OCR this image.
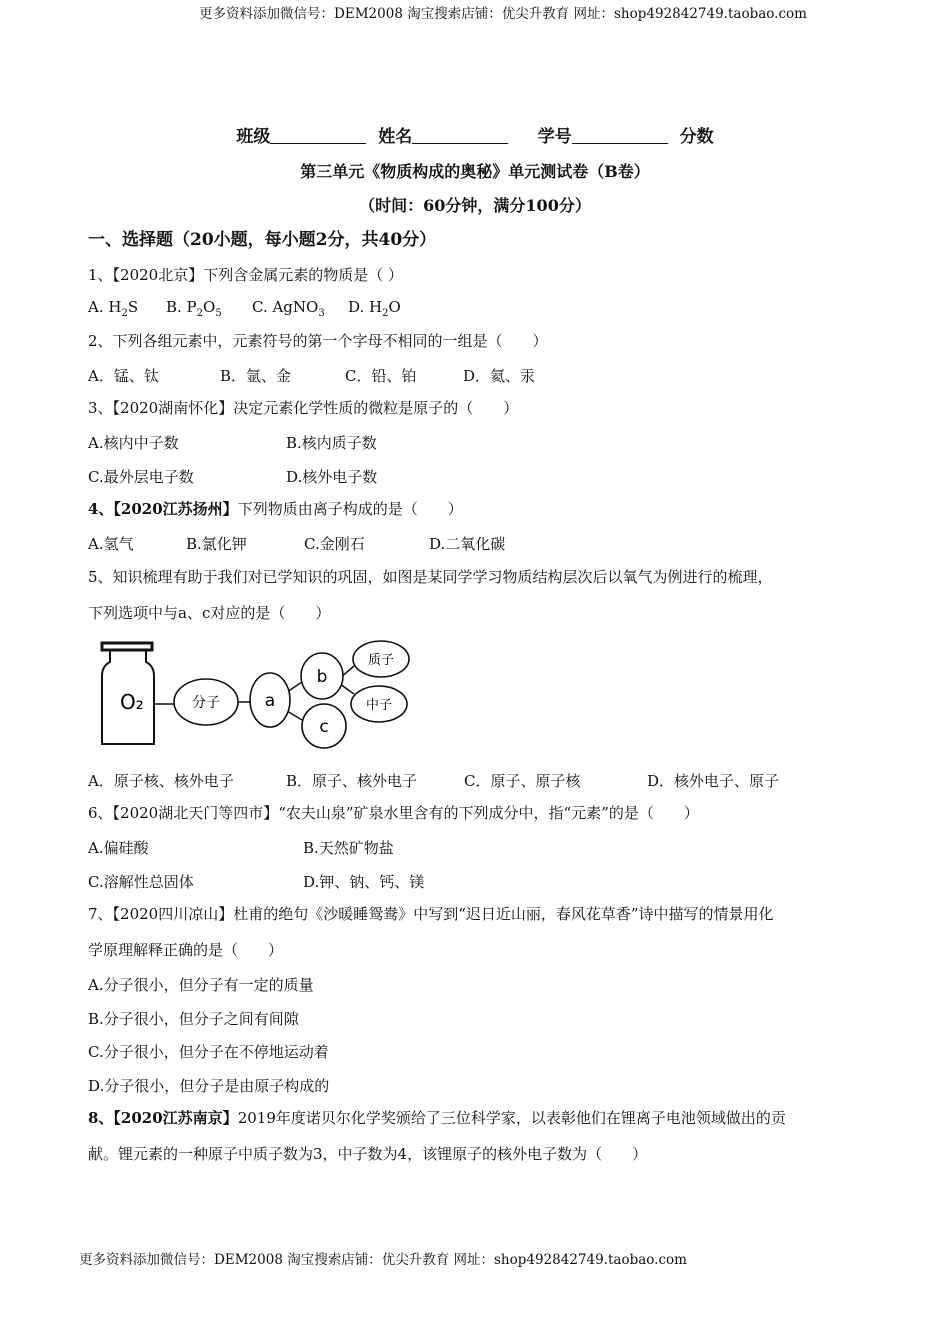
更多资料添加微信号：DEM2008 淘宝搜索店铺：优尖升教育 网址：shop492842749.taobao.com
班级	姓名	学号	分数
第三单元《物质构成的奥秘》单元测试卷（B卷）
（时间：60分钟，满分100分）
一、选择题（20小题，每小题2分，共40分）
1、【2020北京】下列含金属元素的物质是（ ）
A. $H_2S$ B. $P_2O_5$ C. AgNO$_3$ D. $H_2O$
2、下列各组元素中，元素符号的第一个字母不相同的一组是（　　）
A．锰、钛	B．氩、金	C．铅、铂	D．氦、汞
3、【2020湖南怀化】决定元素化学性质的微粒是原子的（　　）
A.核内中子数	B.核内质子数
C.最外层电子数	D.核外电子数
4、【2020江苏扬州】下列物质由离子构成的是（　　）
A.氢气	B.氯化钾	C.金刚石	D.二氧化碳
5、知识梳理有助于我们对已学知识的巩固，如图是某同学学习物质结构层次后以氧气为例进行的梳理，
下列选项中与a、c对应的是（　　）
O₂	分子	a
b
c
质子
中子
A．原子核、核外电子	B．原子、核外电子	C．原子、原子核	D．核外电子、原子
6、【2020湖北天门等四市】“农夫山泉”矿泉水里含有的下列成分中，指“元素”的是（　　）
A.偏硅酸	B.天然矿物盐
C.溶解性总固体	D.钾、钠、钙、镁
7、【2020四川凉山】杜甫的绝句《沙暖睡鸳鸯》中写到“迟日近山丽，春风花草香”诗中描写的情景用化
学原理解释正确的是（　　）
A.分子很小，但分子有一定的质量
B.分子很小，但分子之间有间隙
C.分子很小，但分子在不停地运动着
D.分子很小，但分子是由原子构成的
8、【2020江苏南京】2019年度诺贝尔化学奖颁给了三位科学家，以表彰他们在锂离子电池领域做出的贡
献。锂元素的一种原子中质子数为3，中子数为4，该锂原子的核外电子数为（　　）
更多资料添加微信号：DEM2008 淘宝搜索店铺：优尖升教育 网址：shop492842749.taobao.com
